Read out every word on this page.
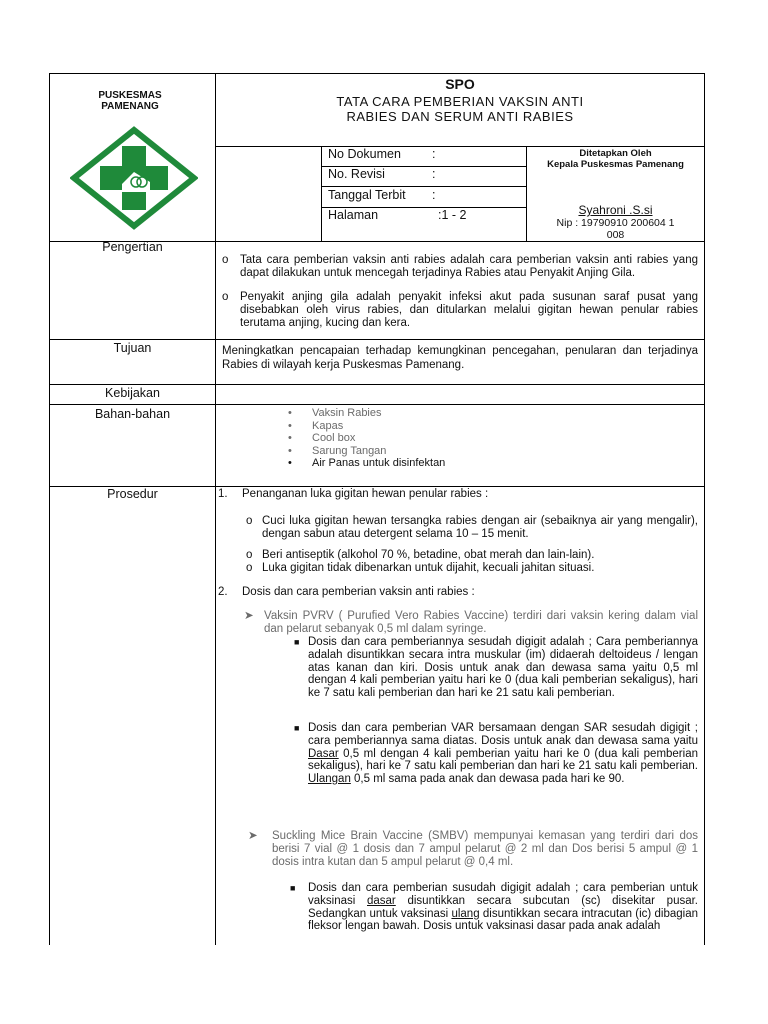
PUSKESMAS
PAMENANG
SPO
TATA CARA PEMBERIAN VAKSIN ANTI
RABIES DAN SERUM ANTI RABIES
No Dokumen :
No. Revisi	:
Tanggal Terbit :
Halaman	:1 - 2
Ditetapkan Oleh
Kepala Puskesmas Pamenang
Syahroni .S.si
Nip : 19790910 200604 1
008
Pengertian
Tujuan
Kebijakan
Bahan-bahan
Prosedur
o Tata cara pemberian vaksin anti rabies adalah cara pemberian vaksin anti rabies yang dapat dilakukan untuk mencegah terjadinya Rabies atau Penyakit Anjing Gila.
o Penyakit anjing gila adalah penyakit infeksi akut pada susunan saraf pusat yang disebabkan oleh virus rabies, dan ditularkan melalui gigitan hewan penular rabies terutama anjing, kucing dan kera.
Meningkatkan pencapaian terhadap kemungkinan pencegahan, penularan dan terjadinya Rabies di wilayah kerja Puskesmas Pamenang.
• Vaksin Rabies
• Kapas
• Cool box
• Sarung Tangan
• Air Panas untuk disinfektan
1. Penanganan luka gigitan hewan penular rabies :
o Cuci luka gigitan hewan tersangka rabies dengan air (sebaiknya air yang mengalir), dengan sabun atau detergent selama 10 – 15 menit.
o Beri antiseptik (alkohol 70 %, betadine, obat merah dan lain-lain).
o Luka gigitan tidak dibenarkan untuk dijahit, kecuali jahitan situasi.
2. Dosis dan cara pemberian vaksin anti rabies :
➤ Vaksin PVRV ( Purufied Vero Rabies Vaccine) terdiri dari vaksin kering dalam vial dan pelarut sebanyak 0,5 ml dalam syringe.
■ Dosis dan cara pemberiannya sesudah digigit adalah ; Cara pemberiannya adalah disuntikkan secara intra muskular (im) didaerah deltoideus / lengan atas kanan dan kiri. Dosis untuk anak dan dewasa sama yaitu 0,5 ml dengan 4 kali pemberian yaitu hari ke 0 (dua kali pemberian sekaligus), hari ke 7 satu kali pemberian dan hari ke 21 satu kali pemberian.
■ Dosis dan cara pemberian VAR bersamaan dengan SAR sesudah digigit ; cara pemberiannya sama diatas. Dosis untuk anak dan dewasa sama yaitu Dasar 0,5 ml dengan 4 kali pemberian yaitu hari ke 0 (dua kali pemberian sekaligus), hari ke 7 satu kali pemberian dan hari ke 21 satu kali pemberian. Ulangan 0,5 ml sama pada anak dan dewasa pada hari ke 90.
➤ Suckling Mice Brain Vaccine (SMBV) mempunyai kemasan yang terdiri dari dos berisi 7 vial @ 1 dosis dan 7 ampul pelarut @ 2 ml dan Dos berisi 5 ampul @ 1 dosis intra kutan dan 5 ampul pelarut @ 0,4 ml.
■ Dosis dan cara pemberian susudah digigit adalah ; cara pemberian untuk vaksinasi dasar disuntikkan secara subcutan (sc) disekitar pusar. Sedangkan untuk vaksinasi ulang disuntikkan secara intracutan (ic) dibagian fleksor lengan bawah. Dosis untuk vaksinasi dasar pada anak adalah
